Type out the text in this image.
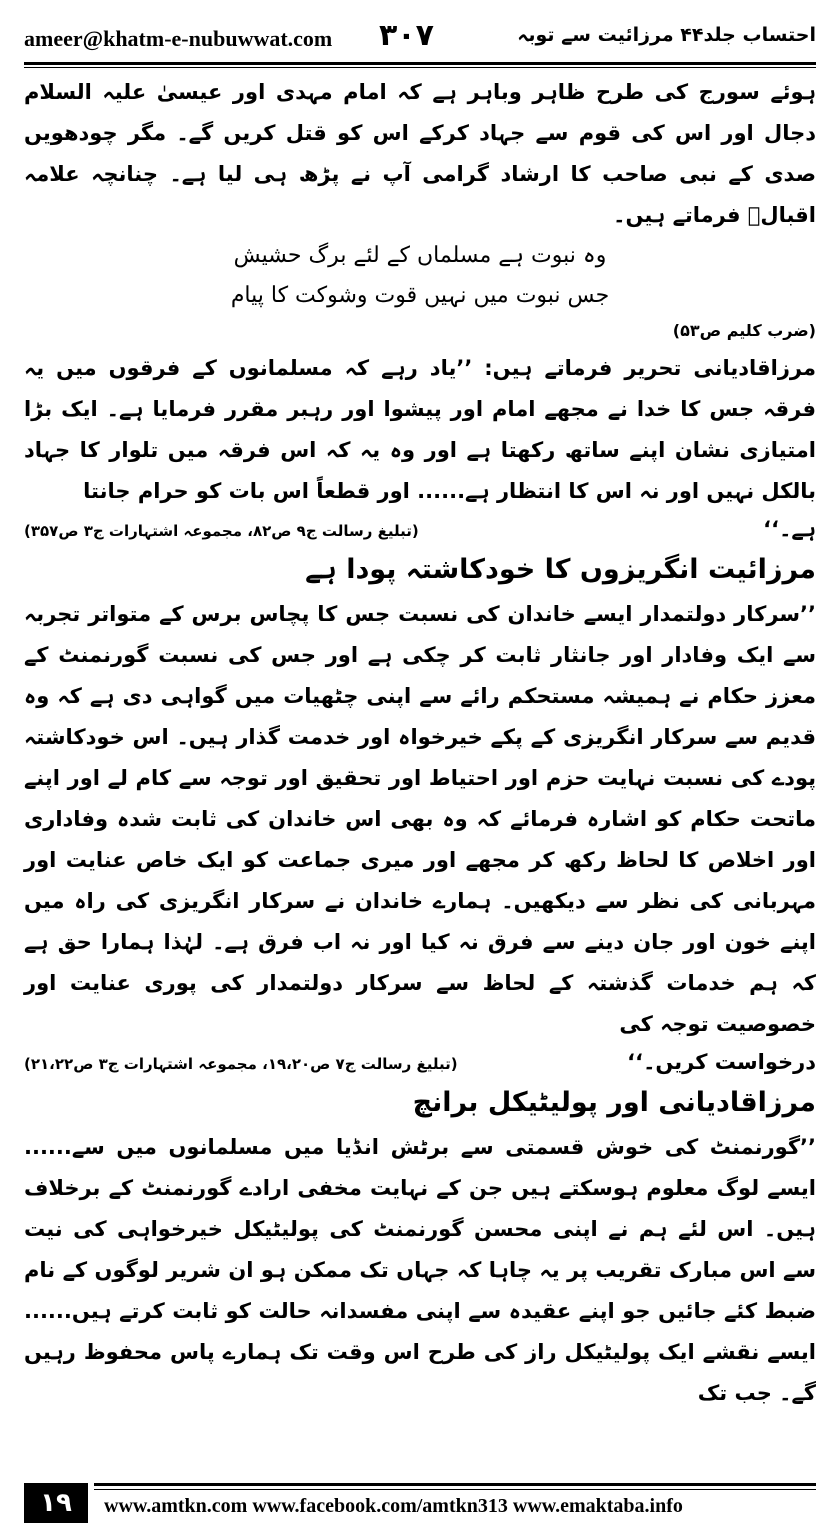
ameer@khatm-e-nubuwwat.com ۳۰۷	احتساب جلد۴۴ مرزائیت سے توبہ

ہوئے سورج کی طرح ظاہر وباہر ہے کہ امام مہدی اور عیسیٰ علیہ السلام دجال اور اس کی قوم سے جہاد کرکے اس کو قتل کریں گے۔ مگر چودھویں صدی کے نبی صاحب کا ارشاد گرامی آپ نے پڑھ ہی لیا ہے۔ چنانچہ علامہ اقبالؒ فرماتے ہیں۔

وہ نبوت ہے مسلماں کے لئے برگ حشیش

جس نبوت میں نہیں قوت وشوکت کا پیام

(ضرب کلیم ص۵۳)

مرزاقادیانی تحریر فرماتے ہیں: ’’یاد رہے کہ مسلمانوں کے فرقوں میں یہ فرقہ جس کا خدا نے مجھے امام اور پیشوا اور رہبر مقرر فرمایا ہے۔ ایک بڑا امتیازی نشان اپنے ساتھ رکھتا ہے اور وہ یہ کہ اس فرقہ میں تلوار کا جہاد بالکل نہیں اور نہ اس کا انتظار ہے...... اور قطعاً اس بات کو حرام جانتا

ہے۔‘‘
(تبلیغ رسالت ج۹ ص۸۲، مجموعہ اشتہارات ج۳ ص۳۵۷)

مرزائیت انگریزوں کا خودکاشتہ پودا ہے

’’سرکار دولتمدار ایسے خاندان کی نسبت جس کا پچاس برس کے متواتر تجربہ سے ایک وفادار اور جانثار ثابت کر چکی ہے اور جس کی نسبت گورنمنٹ کے معزز حکام نے ہمیشہ مستحکم رائے سے اپنی چٹھیات میں گواہی دی ہے کہ وہ قدیم سے سرکار انگریزی کے پکے خیرخواہ اور خدمت گذار ہیں۔ اس خودکاشتہ پودے کی نسبت نہایت حزم اور احتیاط اور تحقیق اور توجہ سے کام لے اور اپنے ماتحت حکام کو اشارہ فرمائے کہ وہ بھی اس خاندان کی ثابت شدہ وفاداری اور اخلاص کا لحاظ رکھ کر مجھے اور میری جماعت کو ایک خاص عنایت اور مہربانی کی نظر سے دیکھیں۔ ہمارے خاندان نے سرکار انگریزی کی راہ میں اپنے خون اور جان دینے سے فرق نہ کیا اور نہ اب فرق ہے۔ لہٰذا ہمارا حق ہے کہ ہم خدمات گذشتہ کے لحاظ سے سرکار دولتمدار کی پوری عنایت اور خصوصیت توجہ کی

درخواست کریں۔‘‘
(تبلیغ رسالت ج۷ ص۱۹،۲۰، مجموعہ اشتہارات ج۳ ص۲۱،۲۲)

مرزاقادیانی اور پولیٹیکل برانچ

’’گورنمنٹ کی خوش قسمتی سے برٹش انڈیا میں مسلمانوں میں سے...... ایسے لوگ معلوم ہوسکتے ہیں جن کے نہایت مخفی ارادے گورنمنٹ کے برخلاف ہیں۔ اس لئے ہم نے اپنی محسن گورنمنٹ کی پولیٹیکل خیرخواہی کی نیت سے اس مبارک تقریب پر یہ چاہا کہ جہاں تک ممکن ہو ان شریر لوگوں کے نام ضبط کئے جائیں جو اپنے عقیدہ سے اپنی مفسدانہ حالت کو ثابت کرتے ہیں...... ایسے نقشے ایک پولیٹیکل راز کی طرح اس وقت تک ہمارے پاس محفوظ رہیں گے۔ جب تک

۱۹	www.amtkn.com www.facebook.com/amtkn313 www.emaktaba.info
